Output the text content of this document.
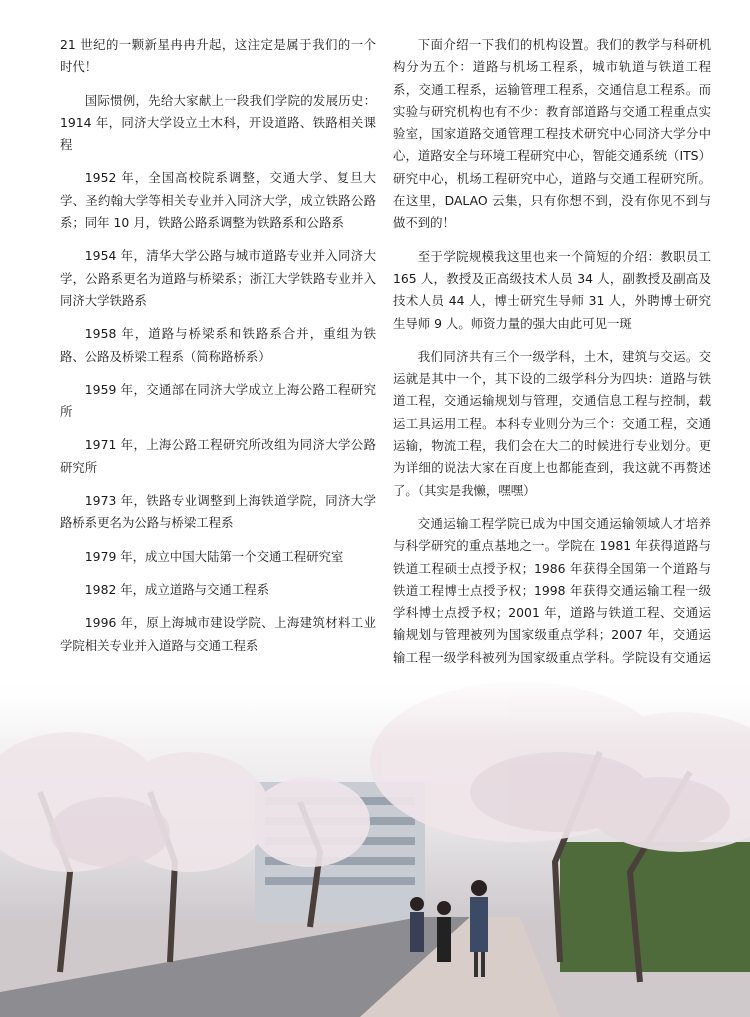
21 世纪的一颗新星冉冉升起，这注定是属于我们的一个时代！

国际惯例，先给大家献上一段我们学院的发展历史：1914 年，同济大学设立土木科，开设道路、铁路相关课程

1952 年，全国高校院系调整，交通大学、复旦大学、圣约翰大学等相关专业并入同济大学，成立铁路公路系；同年 10 月，铁路公路系调整为铁路系和公路系

1954 年，清华大学公路与城市道路专业并入同济大学，公路系更名为道路与桥梁系；浙江大学铁路专业并入同济大学铁路系

1958 年，道路与桥梁系和铁路系合并，重组为铁路、公路及桥梁工程系（简称路桥系）

1959 年，交通部在同济大学成立上海公路工程研究所

1971 年，上海公路工程研究所改组为同济大学公路研究所

1973 年，铁路专业调整到上海铁道学院，同济大学路桥系更名为公路与桥梁工程系

1979 年，成立中国大陆第一个交通工程研究室

1982 年，成立道路与交通工程系

1996 年，原上海城市建设学院、上海建筑材料工业学院相关专业并入道路与交通工程系

下面介绍一下我们的机构设置。我们的教学与科研机构分为五个：道路与机场工程系，城市轨道与铁道工程系，交通工程系，运输管理工程系，交通信息工程系。而实验与研究机构也有不少：教育部道路与交通工程重点实验室，国家道路交通管理工程技术研究中心同济大学分中心，道路安全与环境工程研究中心，智能交通系统（ITS）研究中心，机场工程研究中心，道路与交通工程研究所。在这里，DALAO 云集，只有你想不到，没有你见不到与做不到的！

至于学院规模我这里也来一个简短的介绍：教职员工 165 人，教授及正高级技术人员 34 人，副教授及副高及技术人员 44 人，博士研究生导师 31 人，外聘博士研究生导师 9 人。师资力量的强大由此可见一斑

我们同济共有三个一级学科，土木，建筑与交运。交运就是其中一个，其下设的二级学科分为四块：道路与铁道工程，交通运输规划与管理，交通信息工程与控制，载运工具运用工程。本科专业则分为三个：交通工程，交通运输，物流工程，我们会在大二的时候进行专业划分。更为详细的说法大家在百度上也都能查到，我这就不再赘述了。（其实是我懒，嘿嘿）

交通运输工程学院已成为中国交通运输领域人才培养与科学研究的重点基地之一。学院在 1981 年获得道路与铁道工程硕士点授予权；1986 年获得全国第一个道路与铁道工程博士点授予权；1998 年获得交通运输工程一级学科博士点授予权；2001 年，道路与铁道工程、交通运输规划与管理被列为国家级重点学科；2007 年，交通运输工程一级学科被列为国家级重点学科。学院设有交通运
